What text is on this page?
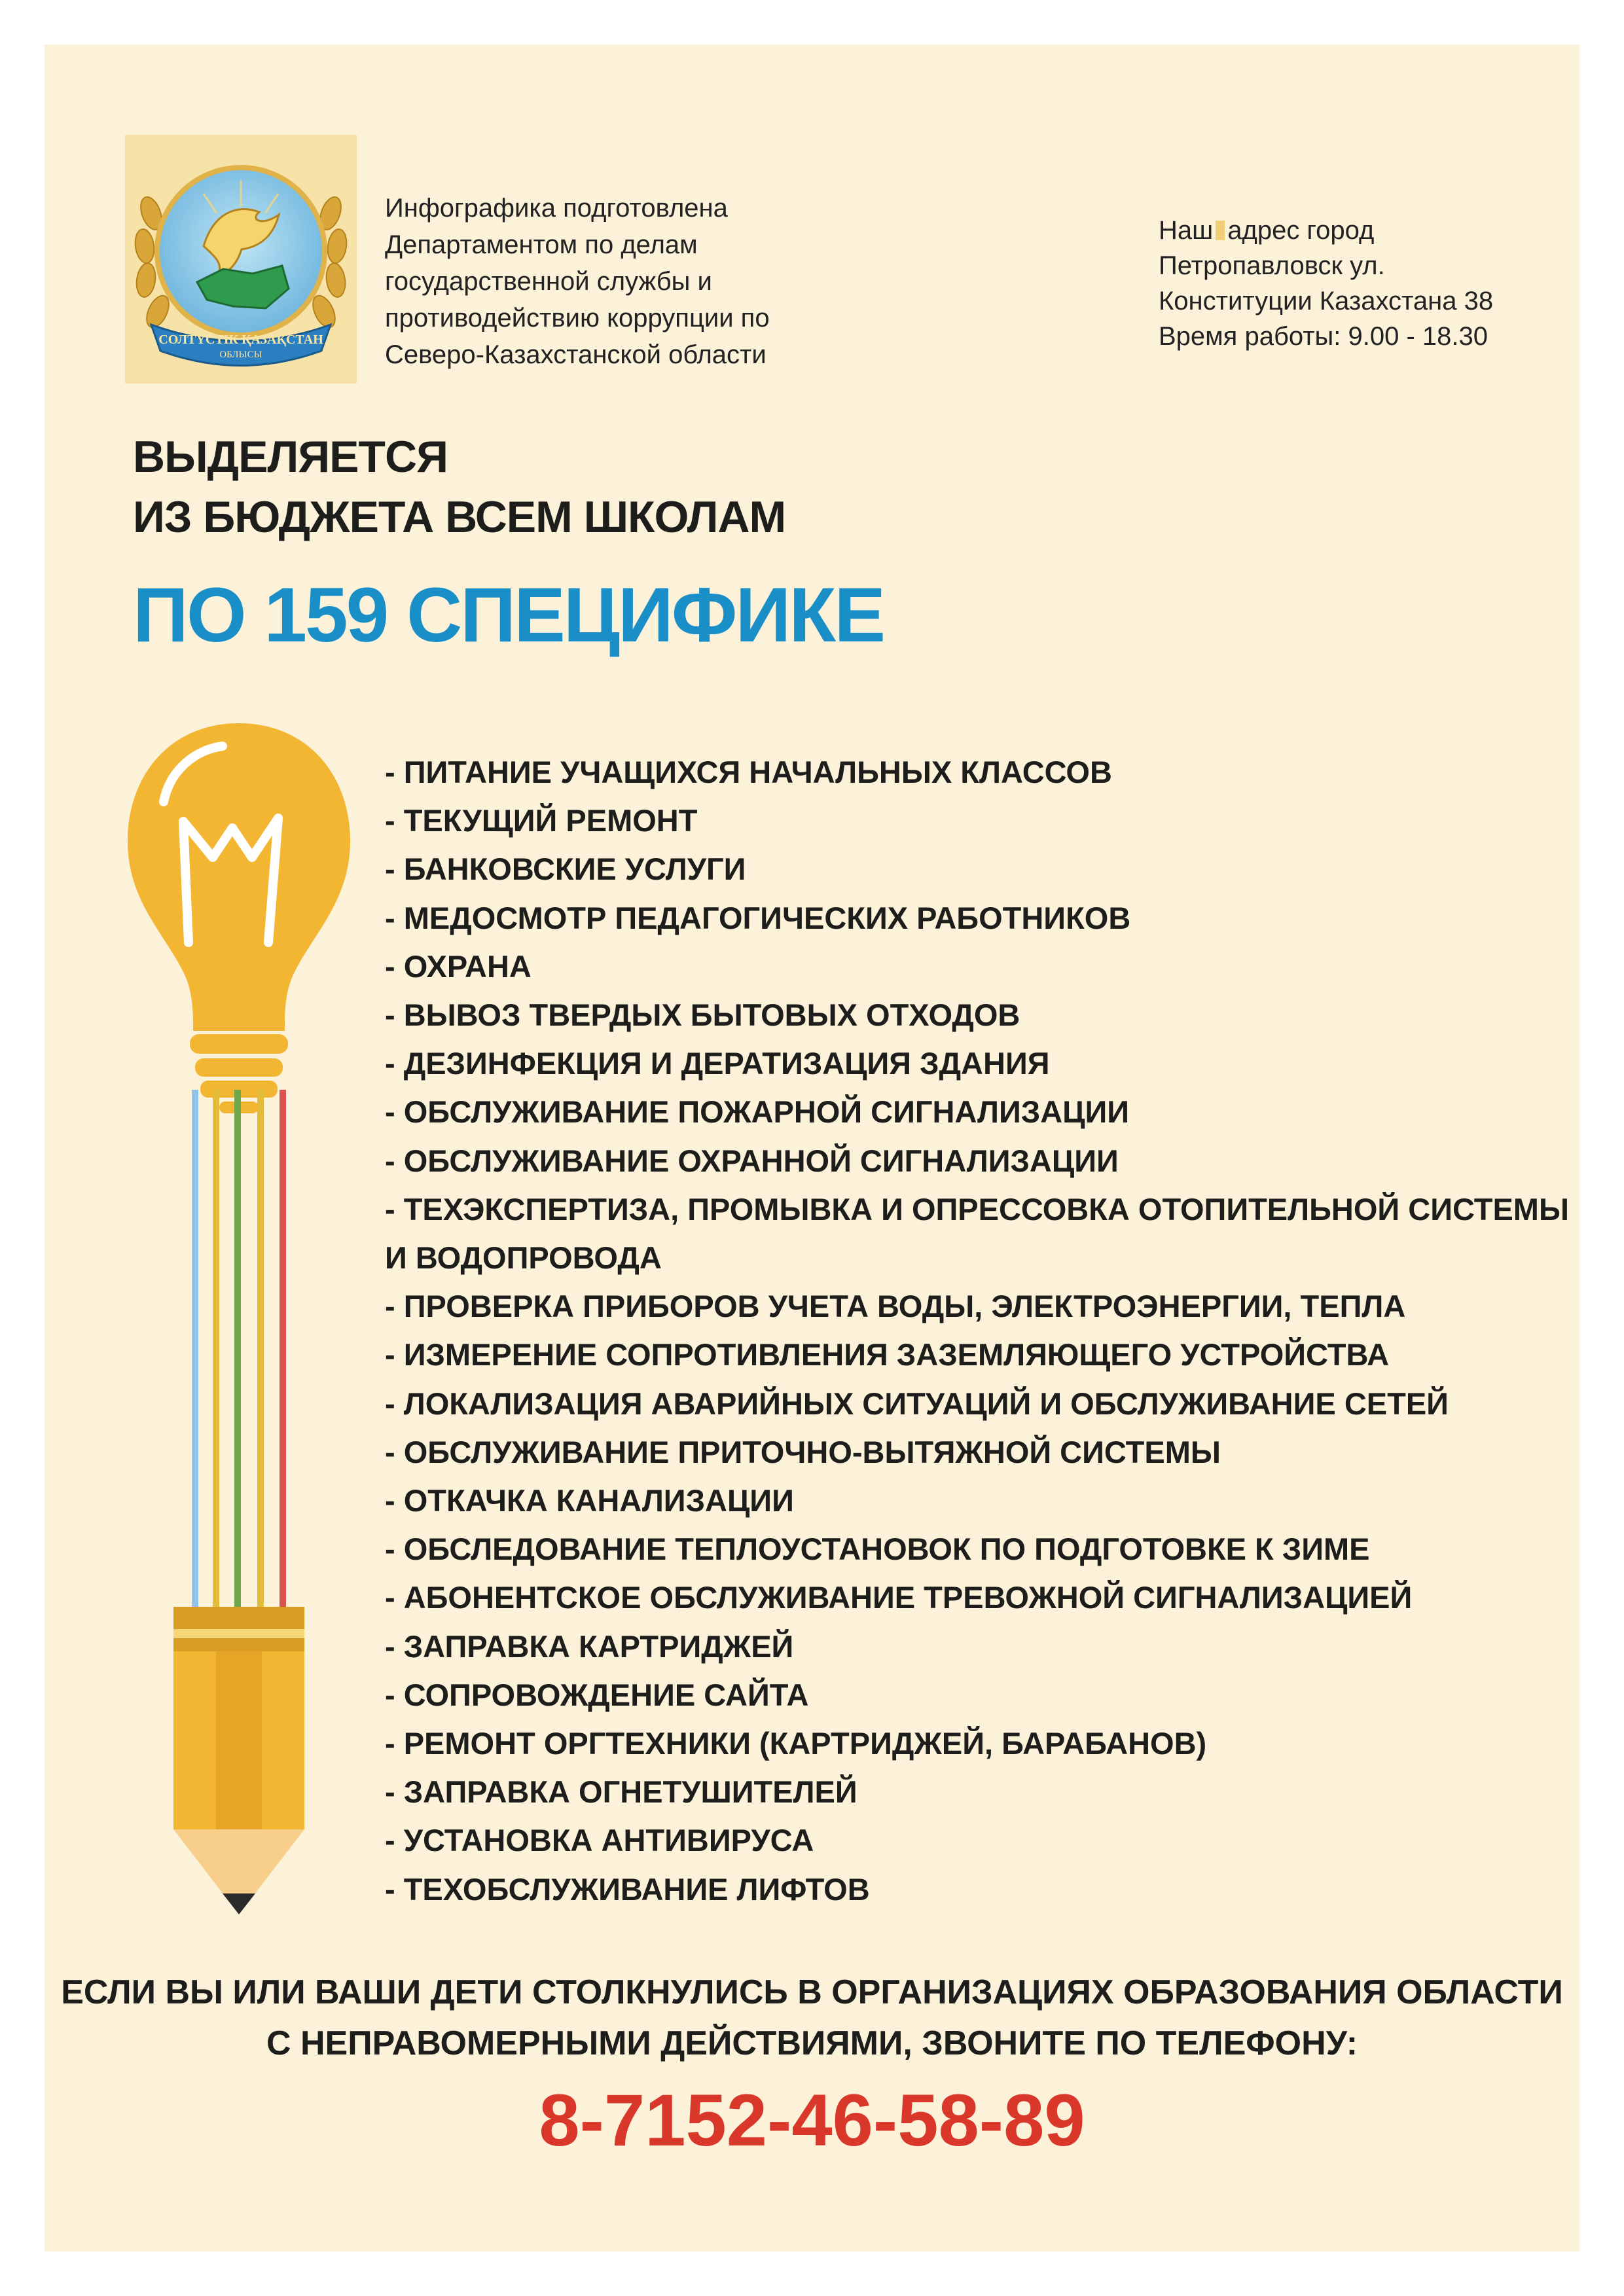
СОЛТҮСТІК ҚАЗАҚСТАН
ОБЛЫСЫ
Инфографика подготовлена
Департаментом по делам
государственной службы и
противодействию коррупции по
Северо-Казахстанской области
Наш адрес город
Петропавловск ул.
Конституции Казахстана 38
Время работы: 9.00 - 18.30
ВЫДЕЛЯЕТСЯ
ИЗ БЮДЖЕТА ВСЕМ ШКОЛАМ
ПО 159 СПЕЦИФИКЕ
- ПИТАНИЕ УЧАЩИХСЯ НАЧАЛЬНЫХ КЛАССОВ
- ТЕКУЩИЙ РЕМОНТ
- БАНКОВСКИЕ УСЛУГИ
- МЕДОСМОТР ПЕДАГОГИЧЕСКИХ РАБОТНИКОВ
- ОХРАНА
- ВЫВОЗ ТВЕРДЫХ БЫТОВЫХ ОТХОДОВ
- ДЕЗИНФЕКЦИЯ И ДЕРАТИЗАЦИЯ ЗДАНИЯ
- ОБСЛУЖИВАНИЕ ПОЖАРНОЙ СИГНАЛИЗАЦИИ
- ОБСЛУЖИВАНИЕ ОХРАННОЙ СИГНАЛИЗАЦИИ
- ТЕХЭКСПЕРТИЗА, ПРОМЫВКА И ОПРЕССОВКА ОТОПИТЕЛЬНОЙ СИСТЕМЫ
И ВОДОПРОВОДА
- ПРОВЕРКА ПРИБОРОВ УЧЕТА ВОДЫ, ЭЛЕКТРОЭНЕРГИИ, ТЕПЛА
- ИЗМЕРЕНИЕ СОПРОТИВЛЕНИЯ ЗАЗЕМЛЯЮЩЕГО УСТРОЙСТВА
- ЛОКАЛИЗАЦИЯ АВАРИЙНЫХ СИТУАЦИЙ И ОБСЛУЖИВАНИЕ СЕТЕЙ
- ОБСЛУЖИВАНИЕ ПРИТОЧНО-ВЫТЯЖНОЙ СИСТЕМЫ
- ОТКАЧКА КАНАЛИЗАЦИИ
- ОБСЛЕДОВАНИЕ ТЕПЛОУСТАНОВОК ПО ПОДГОТОВКЕ К ЗИМЕ
- АБОНЕНТСКОЕ ОБСЛУЖИВАНИЕ ТРЕВОЖНОЙ СИГНАЛИЗАЦИЕЙ
- ЗАПРАВКА КАРТРИДЖЕЙ
- СОПРОВОЖДЕНИЕ САЙТА
- РЕМОНТ ОРГТЕХНИКИ (КАРТРИДЖЕЙ, БАРАБАНОВ)
- ЗАПРАВКА ОГНЕТУШИТЕЛЕЙ
- УСТАНОВКА АНТИВИРУСА
- ТЕХОБСЛУЖИВАНИЕ ЛИФТОВ
ЕСЛИ ВЫ ИЛИ ВАШИ ДЕТИ СТОЛКНУЛИСЬ В ОРГАНИЗАЦИЯХ ОБРАЗОВАНИЯ ОБЛАСТИ
С НЕПРАВОМЕРНЫМИ ДЕЙСТВИЯМИ, ЗВОНИТЕ ПО ТЕЛЕФОНУ:
8-7152-46-58-89
